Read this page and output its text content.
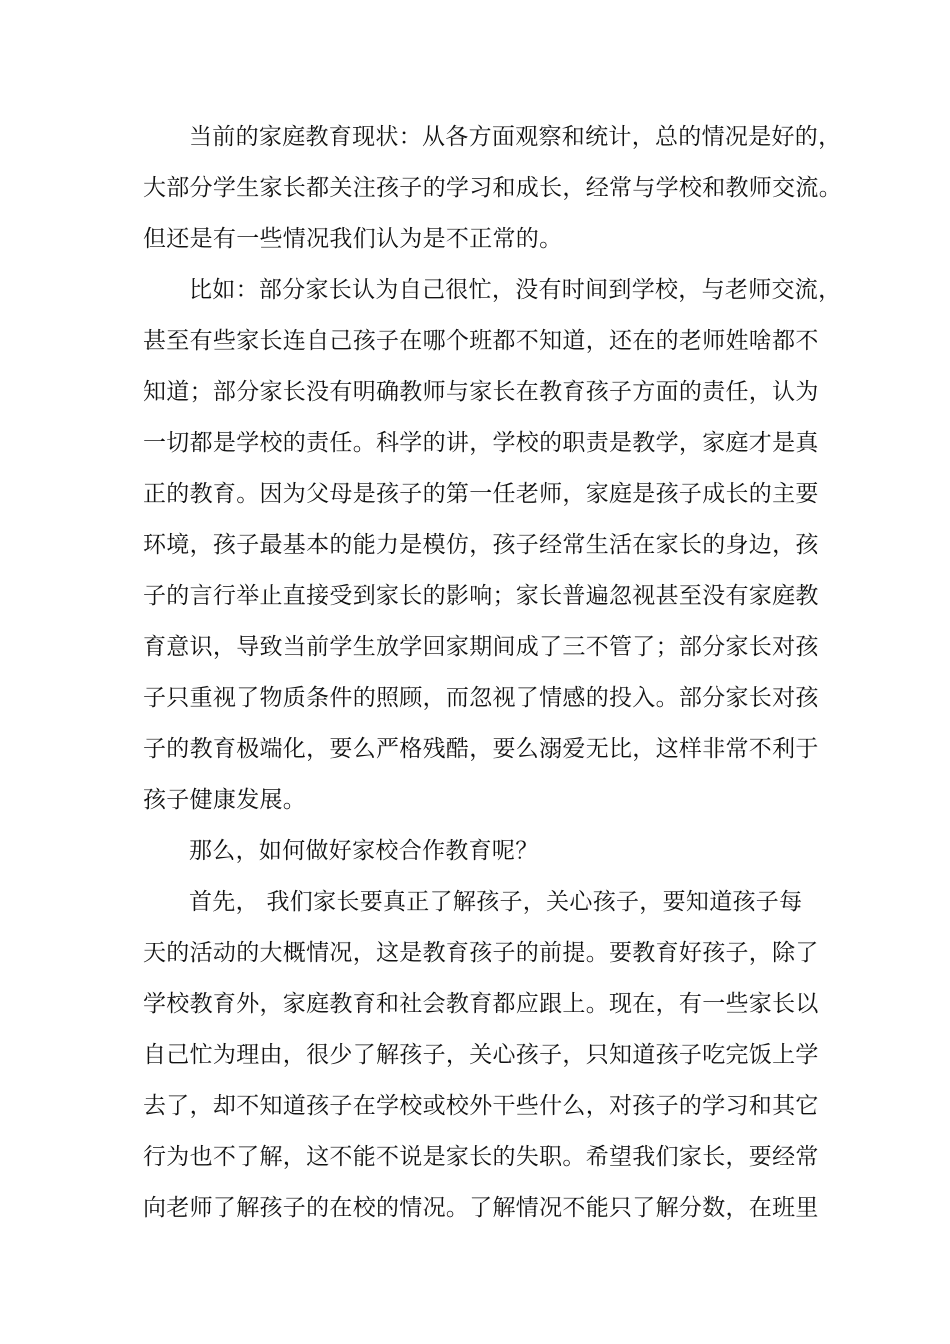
当前的家庭教育现状：从各方面观察和统计，总的情况是好的，
大部分学生家长都关注孩子的学习和成长，经常与学校和教师交流。
但还是有一些情况我们认为是不正常的。
比如：部分家长认为自己很忙，没有时间到学校，与老师交流，
甚至有些家长连自己孩子在哪个班都不知道，还在的老师姓啥都不
知道；部分家长没有明确教师与家长在教育孩子方面的责任，认为
一切都是学校的责任。科学的讲，学校的职责是教学，家庭才是真
正的教育。因为父母是孩子的第一任老师，家庭是孩子成长的主要
环境，孩子最基本的能力是模仿，孩子经常生活在家长的身边，孩
子的言行举止直接受到家长的影响；家长普遍忽视甚至没有家庭教
育意识，导致当前学生放学回家期间成了三不管了；部分家长对孩
子只重视了物质条件的照顾，而忽视了情感的投入。部分家长对孩
子的教育极端化，要么严格残酷，要么溺爱无比，这样非常不利于
孩子健康发展。
那么，如何做好家校合作教育呢？
首先， 我们家长要真正了解孩子，关心孩子，要知道孩子每
天的活动的大概情况，这是教育孩子的前提。要教育好孩子，除了
学校教育外，家庭教育和社会教育都应跟上。现在，有一些家长以
自己忙为理由，很少了解孩子，关心孩子，只知道孩子吃完饭上学
去了，却不知道孩子在学校或校外干些什么，对孩子的学习和其它
行为也不了解，这不能不说是家长的失职。希望我们家长，要经常
向老师了解孩子的在校的情况。了解情况不能只了解分数，在班里
